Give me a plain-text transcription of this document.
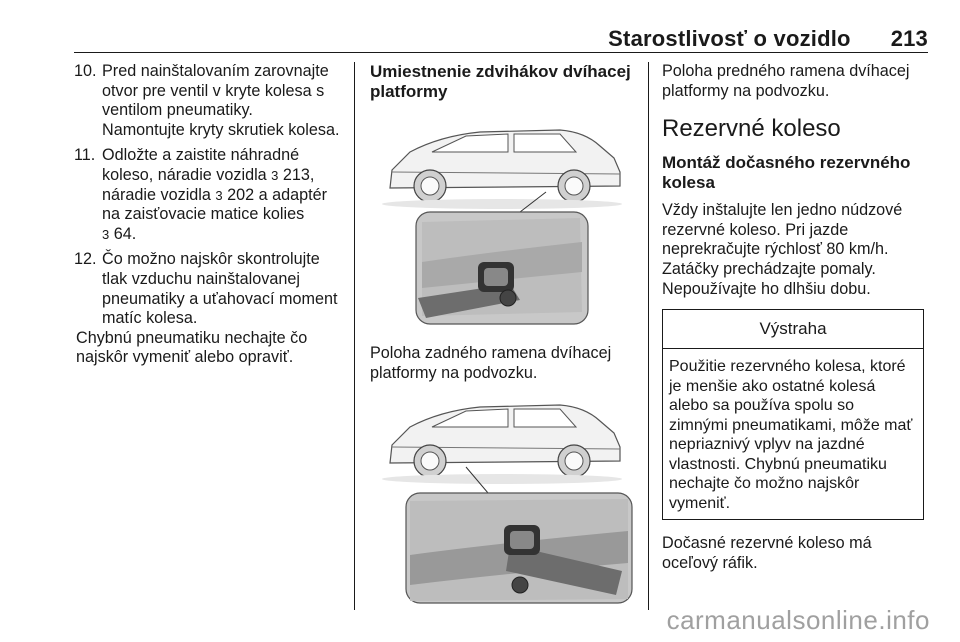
Starostlivosť o vozidlo 213
10. Pred nainštalovaním zarovnajte otvor pre ventil v kryte kolesa s ventilom pneumatiky.
Namontujte kryty skrutiek kolesa.
11. Odložte a zaistite náhradné koleso, náradie vozidla 3 213,
náradie vozidla 3 202 a adaptér na zaisťovacie matice kolies
3 64.
12. Čo možno najskôr skontrolujte tlak vzduchu nainštalovanej pneumatiky a uťahovací moment matíc kolesa.
Chybnú pneumatiku nechajte čo najskôr vymeniť alebo opraviť.
Umiestnenie zdvihákov dvíhacej platformy
Poloha zadného ramena dvíhacej platformy na podvozku.
Poloha predného ramena dvíhacej platformy na podvozku.
Rezervné koleso
Montáž dočasného rezervného kolesa
Vždy inštalujte len jedno núdzové rezervné koleso. Pri jazde neprekračujte rýchlosť 80 km/h. Zatáčky prechádzajte pomaly. Nepoužívajte ho dlhšiu dobu.
Výstraha
Použitie rezervného kolesa, ktoré je menšie ako ostatné kolesá alebo sa používa spolu so zimnými pneumatikami, môže mať nepriaznivý vplyv na jazdné vlastnosti. Chybnú pneumatiku nechajte čo možno najskôr vymeniť.
Dočasné rezervné koleso má oceľový ráfik.
carmanualsonline.info
